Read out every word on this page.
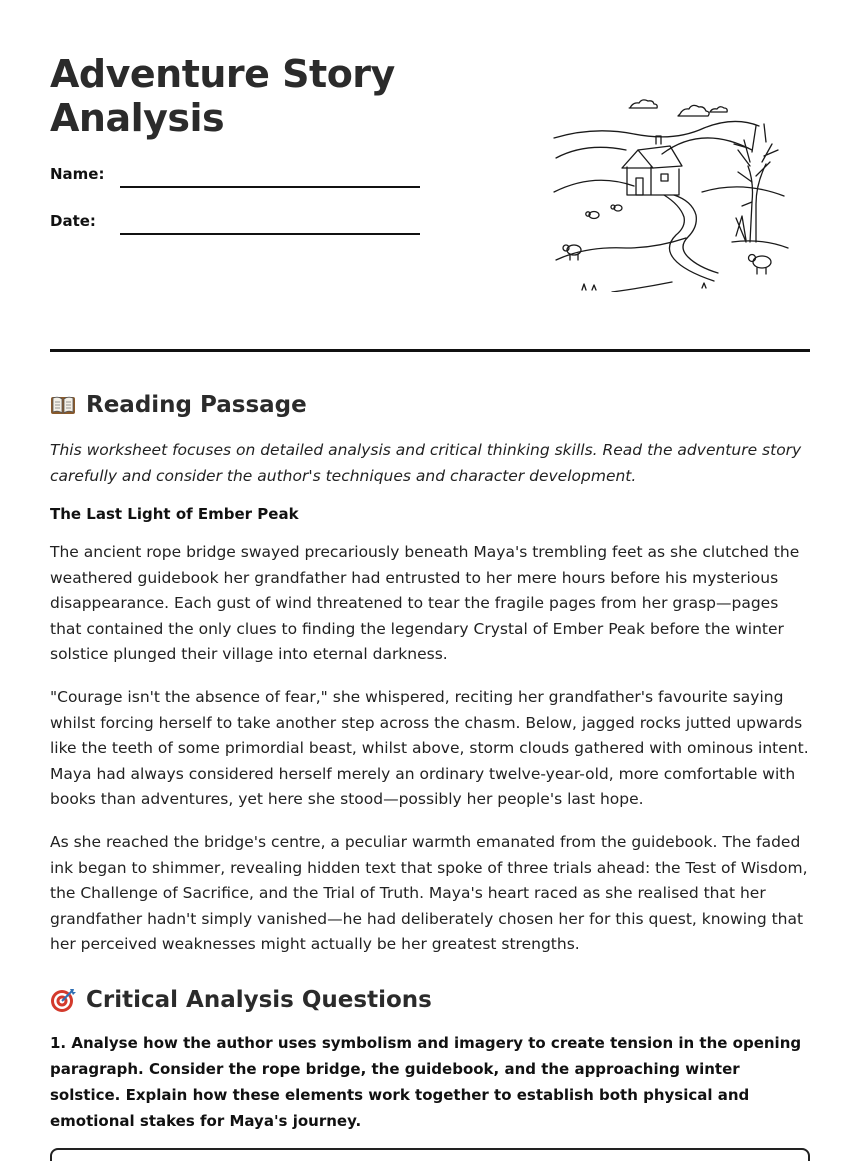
Adventure Story Analysis
Name:
Date:
Reading Passage

This worksheet focuses on detailed analysis and critical thinking skills. Read the adventure story carefully and consider the author's techniques and character development.

The Last Light of Ember Peak

The ancient rope bridge swayed precariously beneath Maya's trembling feet as she clutched the weathered guidebook her grandfather had entrusted to her mere hours before his mysterious disappearance. Each gust of wind threatened to tear the fragile pages from her grasp—pages that contained the only clues to finding the legendary Crystal of Ember Peak before the winter solstice plunged their village into eternal darkness.

"Courage isn't the absence of fear," she whispered, reciting her grandfather's favourite saying whilst forcing herself to take another step across the chasm. Below, jagged rocks jutted upwards like the teeth of some primordial beast, whilst above, storm clouds gathered with ominous intent. Maya had always considered herself merely an ordinary twelve-year-old, more comfortable with books than adventures, yet here she stood—possibly her people's last hope.

As she reached the bridge's centre, a peculiar warmth emanated from the guidebook. The faded ink began to shimmer, revealing hidden text that spoke of three trials ahead: the Test of Wisdom, the Challenge of Sacrifice, and the Trial of Truth. Maya's heart raced as she realised that her grandfather hadn't simply vanished—he had deliberately chosen her for this quest, knowing that her perceived weaknesses might actually be her greatest strengths.

Critical Analysis Questions

1. Analyse how the author uses symbolism and imagery to create tension in the opening paragraph. Consider the rope bridge, the guidebook, and the approaching winter solstice. Explain how these elements work together to establish both physical and emotional stakes for Maya's journey.
